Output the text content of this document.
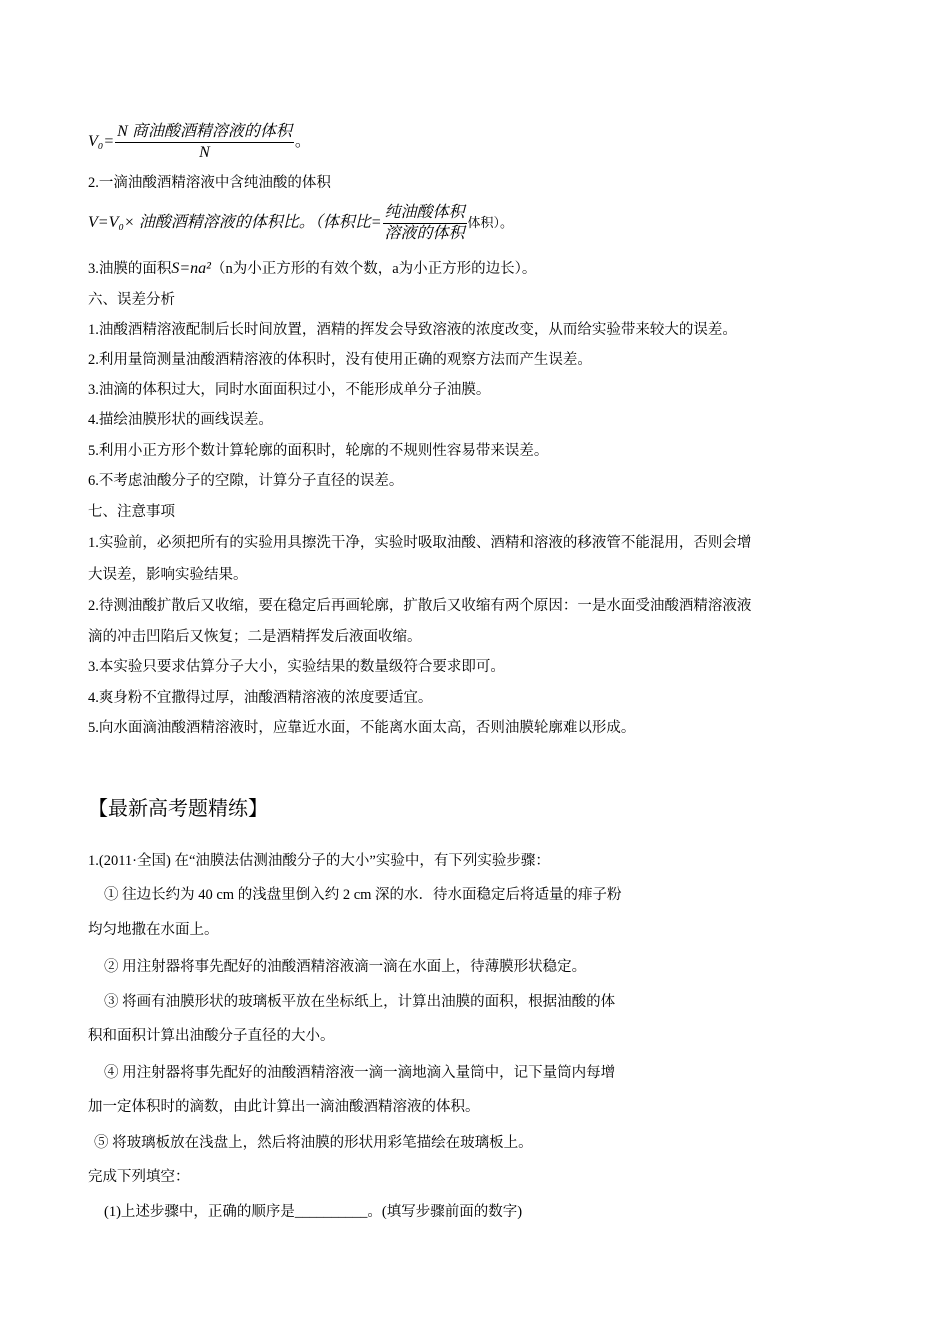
$V_0= \frac{\text{N 商油酸酒精溶液的体积}}{N}$ 。
2.一滴油酸酒精溶液中含纯油酸的体积
V=V₀× 油酸酒精溶液的体积比。（体积比= $\frac{\text{纯油酸体积}}{\text{溶液的体积}}$ 体积）。
3.油膜的面积S=na²（n为小正方形的有效个数，a为小正方形的边长）。
六、误差分析
1.油酸酒精溶液配制后长时间放置，酒精的挥发会导致溶液的浓度改变，从而给实验带来较大的误差。
2.利用量筒测量油酸酒精溶液的体积时，没有使用正确的观察方法而产生误差。
3.油滴的体积过大，同时水面面积过小，不能形成单分子油膜。
4.描绘油膜形状的画线误差。
5.利用小正方形个数计算轮廓的面积时，轮廓的不规则性容易带来误差。
6.不考虑油酸分子的空隙，计算分子直径的误差。
七、注意事项
1.实验前，必须把所有的实验用具擦洗干净，实验时吸取油酸、酒精和溶液的移液管不能混用，否则会增
大误差，影响实验结果。
2.待测油酸扩散后又收缩，要在稳定后再画轮廓，扩散后又收缩有两个原因：一是水面受油酸酒精溶液液
滴的冲击凹陷后又恢复；二是酒精挥发后液面收缩。
3.本实验只要求估算分子大小，实验结果的数量级符合要求即可。
4.爽身粉不宜撒得过厚，油酸酒精溶液的浓度要适宜。
5.向水面滴油酸酒精溶液时，应靠近水面，不能离水面太高，否则油膜轮廓难以形成。
【最新高考题精练】
1.(2011·全国) 在“油膜法估测油酸分子的大小”实验中，有下列实验步骤：
① 往边长约为 40 cm 的浅盘里倒入约 2 cm 深的水．待水面稳定后将适量的痱子粉
均匀地撒在水面上。
② 用注射器将事先配好的油酸酒精溶液滴一滴在水面上，待薄膜形状稳定。
③ 将画有油膜形状的玻璃板平放在坐标纸上，计算出油膜的面积，根据油酸的体
积和面积计算出油酸分子直径的大小。
④ 用注射器将事先配好的油酸酒精溶液一滴一滴地滴入量筒中，记下量筒内每增
加一定体积时的滴数，由此计算出一滴油酸酒精溶液的体积。
⑤ 将玻璃板放在浅盘上，然后将油膜的形状用彩笔描绘在玻璃板上。
完成下列填空：
(1)上述步骤中，正确的顺序是__________。(填写步骤前面的数字)
